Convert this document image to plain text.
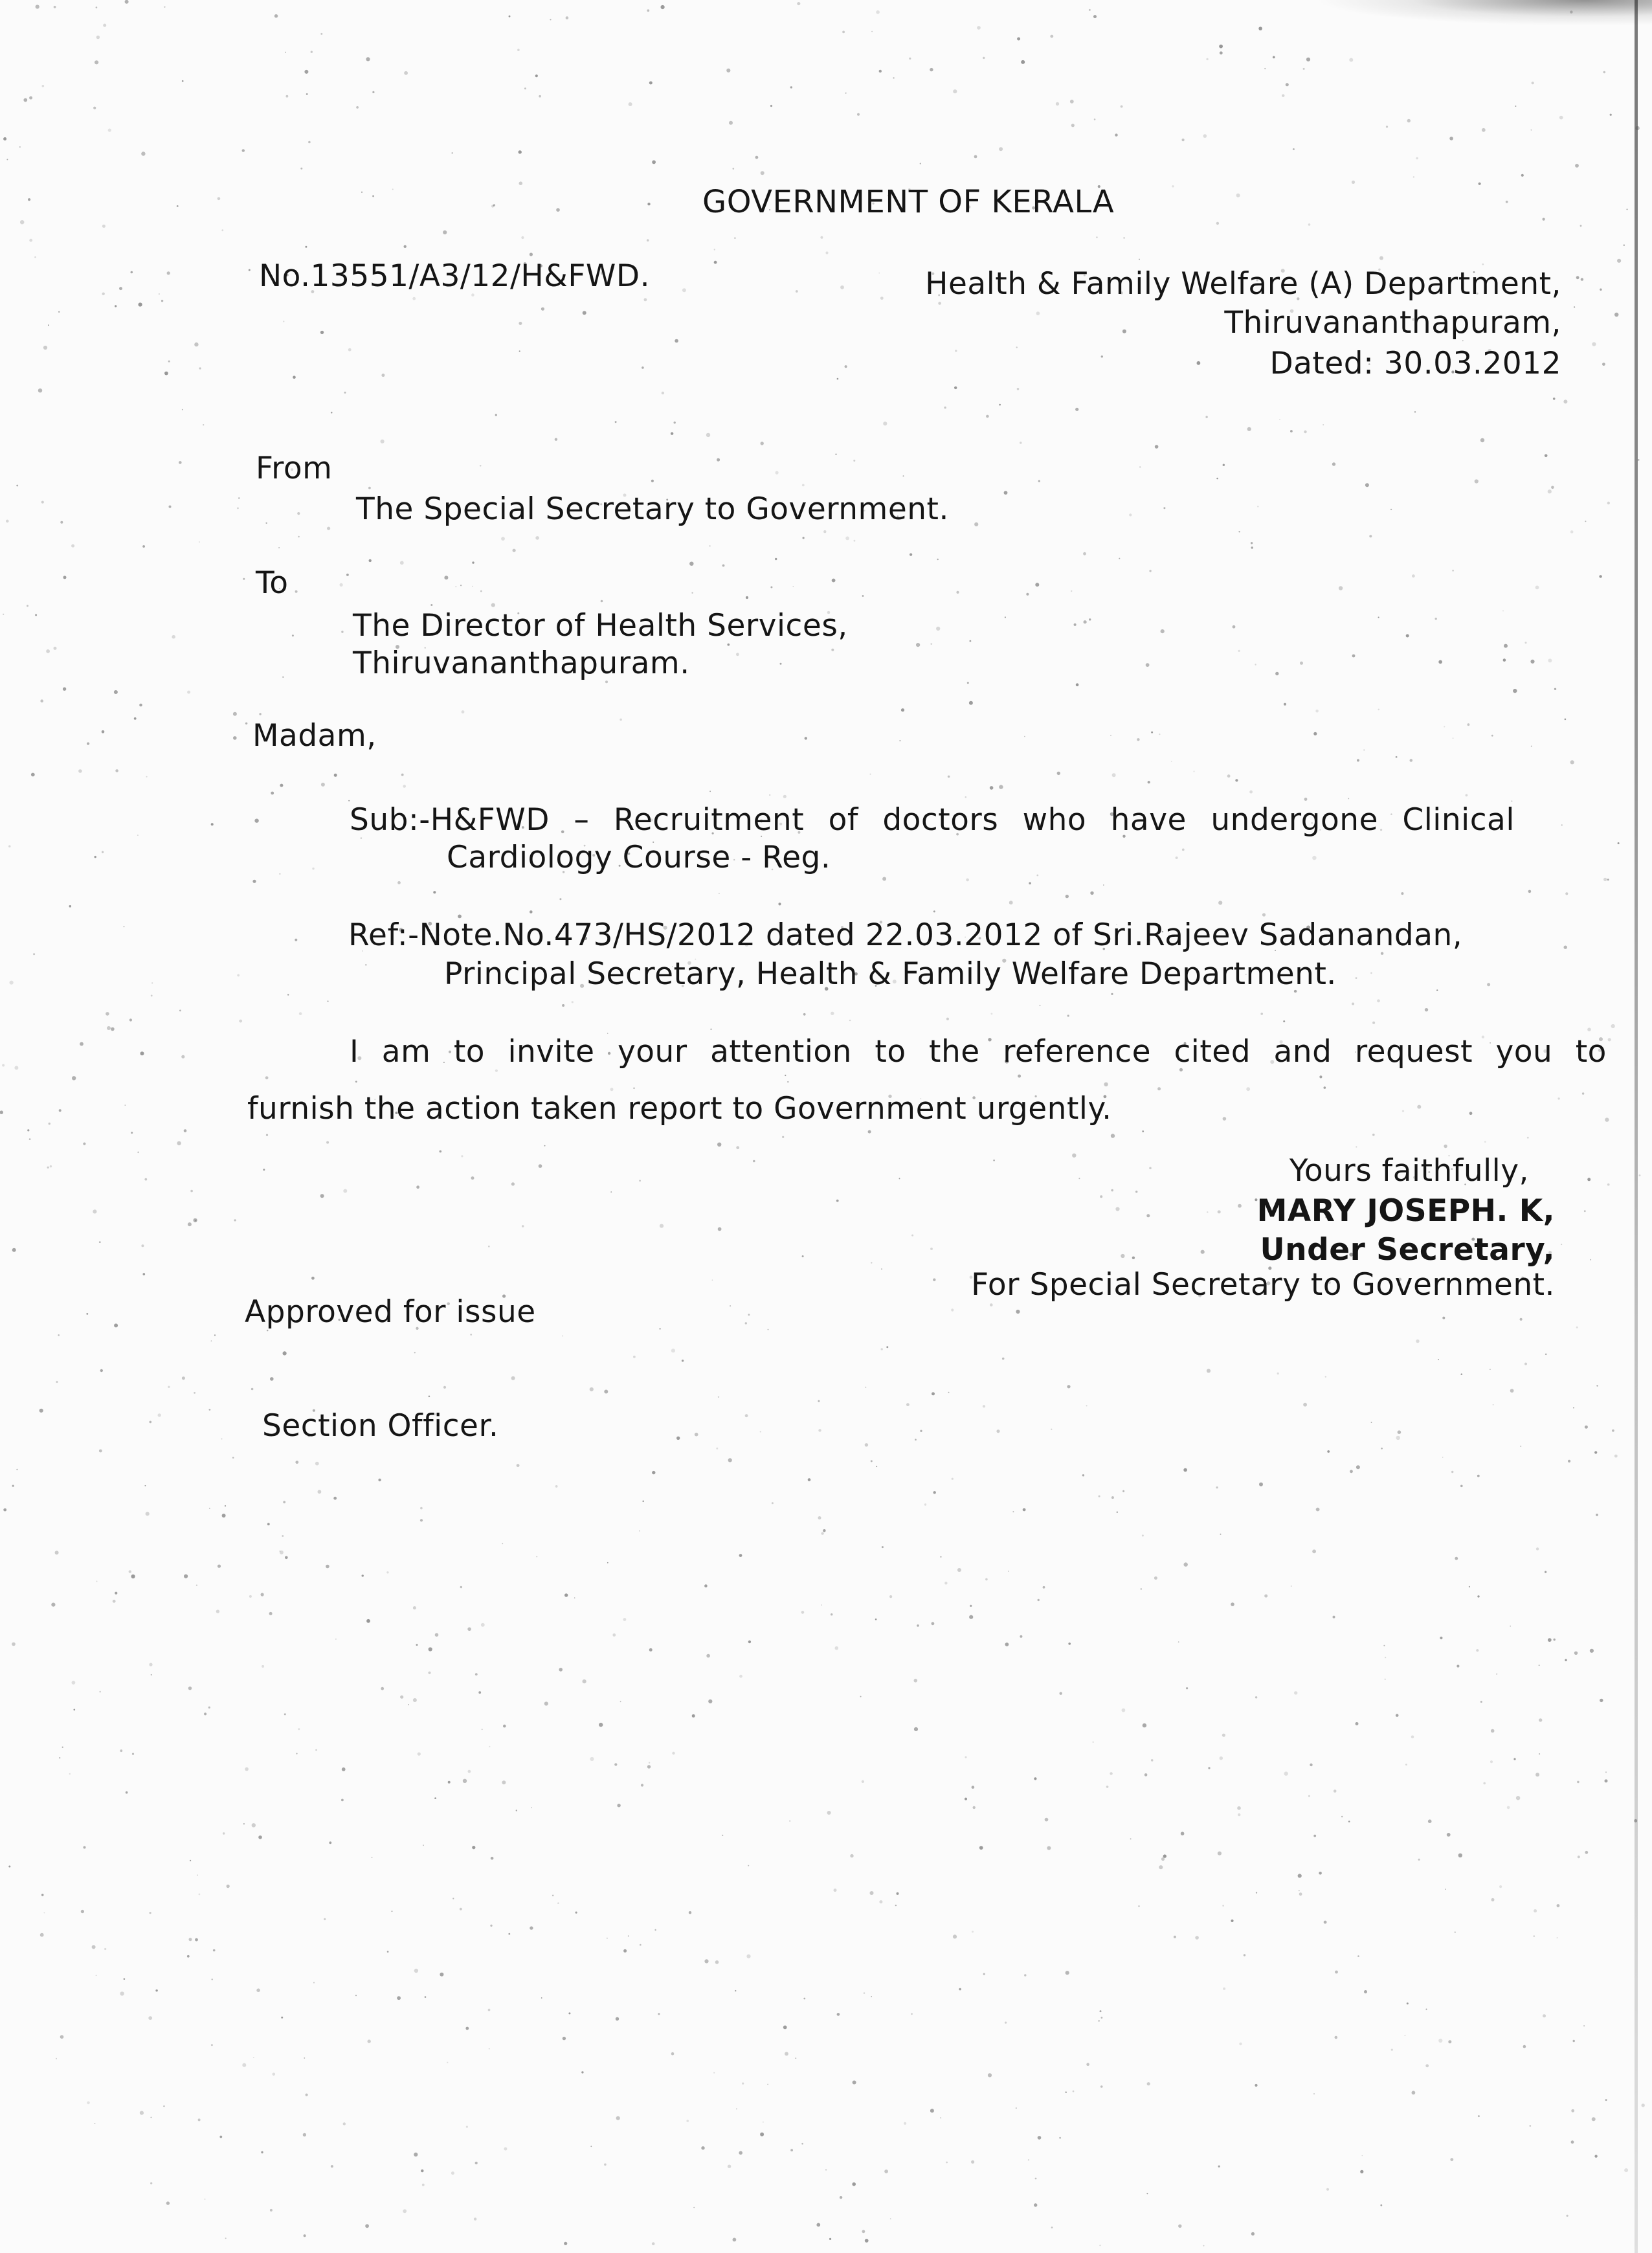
GOVERNMENT OF KERALA
No.13551/A3/12/H&FWD.	Health & Family Welfare (A) Department,
Thiruvananthapuram,
Dated: 30.03.2012
From
The Special Secretary to Government.
To
The Director of Health Services,
Thiruvananthapuram.
Madam,
Sub:-H&FWD – Recruitment of doctors who have undergone Clinical
Cardiology Course - Reg.
Ref:-Note.No.473/HS/2012 dated 22.03.2012 of Sri.Rajeev Sadanandan,
Principal Secretary, Health & Family Welfare Department.
I am to invite your attention to the reference cited and request you to
furnish the action taken report to Government urgently.
Yours faithfully,
MARY JOSEPH. K,
Under Secretary,
For Special Secretary to Government.
Approved for issue
Section Officer.
